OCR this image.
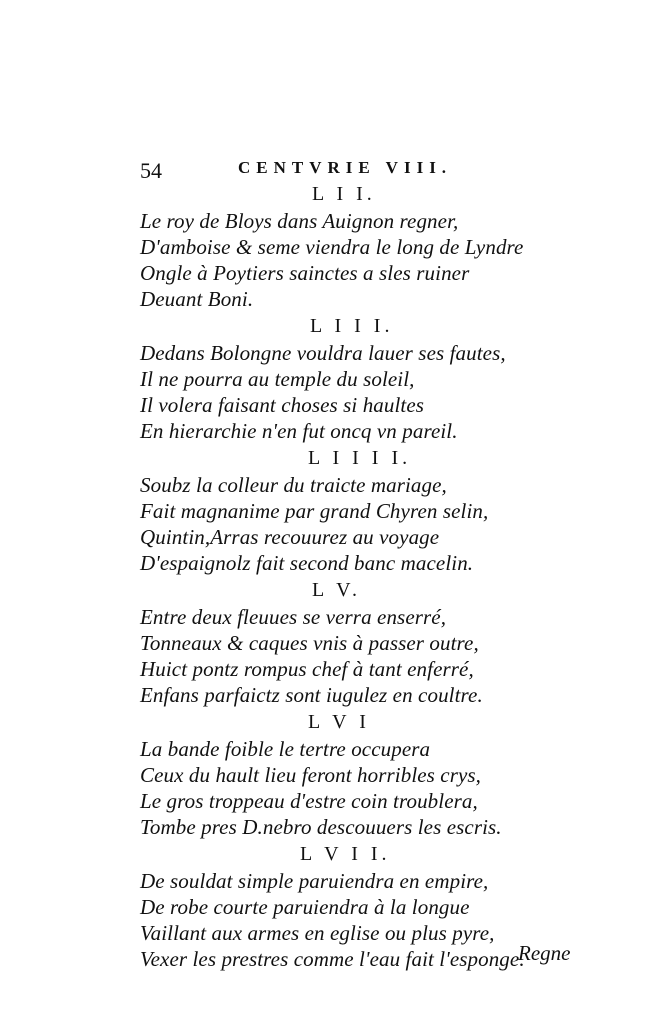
54	CENTVRIE VIII.
L I I.
Le roy de Bloys dans Auignon regner,
D'amboise & seme viendra le long de Lyndre
Ongle à Poytiers sainctes a sles ruiner
Deuant Boni.
L I I I.
Dedans Bolongne vouldra lauer ses fautes,
Il ne pourra au temple du soleil,
Il volera faisant choses si haultes
En hierarchie n'en fut oncq vn pareil.
L I I I I.
Soubz la colleur du traicte mariage,
Fait magnanime par grand Chyren selin,
Quintin,Arras recouurez au voyage
D'espaignolz fait second banc macelin.
L V.
Entre deux fleuues se verra enserré,
Tonneaux & caques vnis à passer outre,
Huict pontz rompus chef à tant enferré,
Enfans parfaictz sont iugulez en coultre.
L V I
La bande foible le tertre occupera
Ceux du hault lieu feront horribles crys,
Le gros troppeau d'estre coin troublera,
Tombe pres D.nebro descouuers les escris.
L V I I.
De souldat simple paruiendra en empire,
De robe courte paruiendra à la longue
Vaillant aux armes en eglise ou plus pyre,
Vexer les prestres comme l'eau fait l'esponge.
Regne
